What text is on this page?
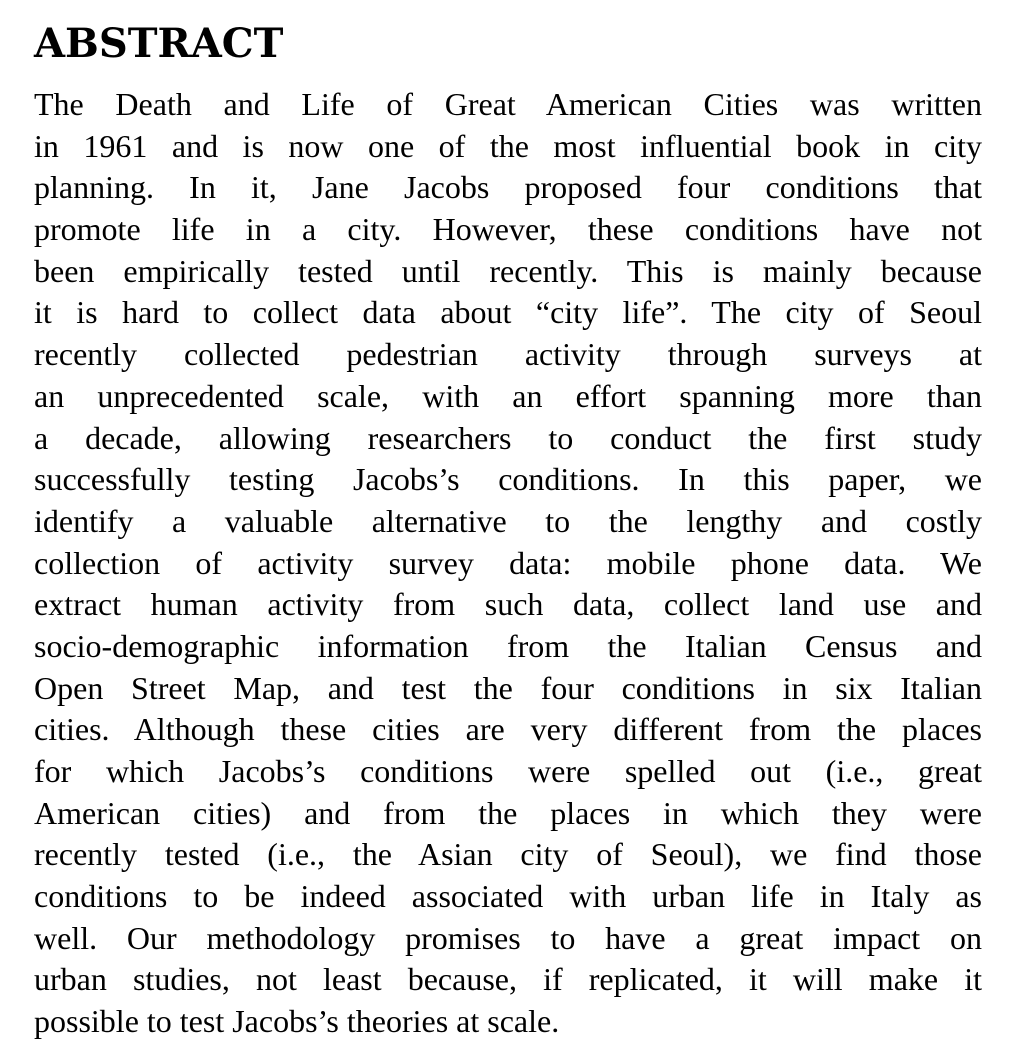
ABSTRACT
The Death and Life of Great American Cities was written
in 1961 and is now one of the most influential book in city
planning. In it, Jane Jacobs proposed four conditions that
promote life in a city. However, these conditions have not
been empirically tested until recently. This is mainly because
it is hard to collect data about “city life”. The city of Seoul
recently collected pedestrian activity through surveys at
an unprecedented scale, with an effort spanning more than
a decade, allowing researchers to conduct the first study
successfully testing Jacobs’s conditions. In this paper, we
identify a valuable alternative to the lengthy and costly
collection of activity survey data: mobile phone data. We
extract human activity from such data, collect land use and
socio-demographic information from the Italian Census and
Open Street Map, and test the four conditions in six Italian
cities. Although these cities are very different from the places
for which Jacobs’s conditions were spelled out (i.e., great
American cities) and from the places in which they were
recently tested (i.e., the Asian city of Seoul), we find those
conditions to be indeed associated with urban life in Italy as
well. Our methodology promises to have a great impact on
urban studies, not least because, if replicated, it will make it
possible to test Jacobs’s theories at scale.
